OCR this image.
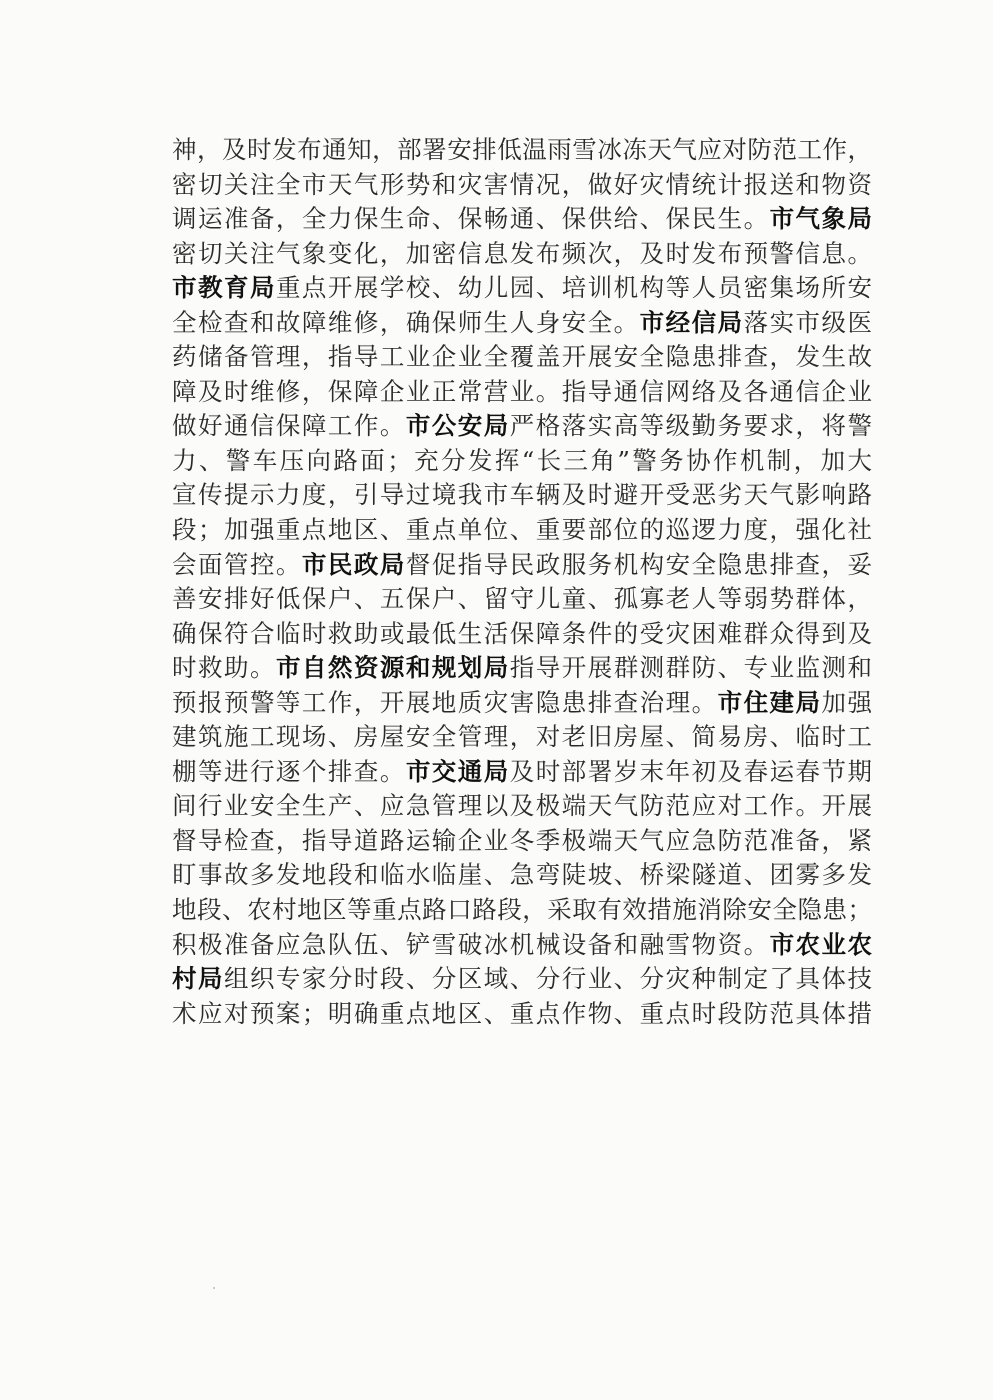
神，及时发布通知，部署安排低温雨雪冰冻天气应对防范工作，
密切关注全市天气形势和灾害情况，做好灾情统计报送和物资
调运准备，全力保生命、保畅通、保供给、保民生。市气象局
密切关注气象变化，加密信息发布频次，及时发布预警信息。
市教育局重点开展学校、幼儿园、培训机构等人员密集场所安
全检查和故障维修，确保师生人身安全。市经信局落实市级医
药储备管理，指导工业企业全覆盖开展安全隐患排查，发生故
障及时维修，保障企业正常营业。指导通信网络及各通信企业
做好通信保障工作。市公安局严格落实高等级勤务要求，将警
力、警车压向路面；充分发挥“长三角”警务协作机制，加大
宣传提示力度，引导过境我市车辆及时避开受恶劣天气影响路
段；加强重点地区、重点单位、重要部位的巡逻力度，强化社
会面管控。市民政局督促指导民政服务机构安全隐患排查，妥
善安排好低保户、五保户、留守儿童、孤寡老人等弱势群体，
确保符合临时救助或最低生活保障条件的受灾困难群众得到及
时救助。市自然资源和规划局指导开展群测群防、专业监测和
预报预警等工作，开展地质灾害隐患排查治理。市住建局加强
建筑施工现场、房屋安全管理，对老旧房屋、简易房、临时工
棚等进行逐个排查。市交通局及时部署岁末年初及春运春节期
间行业安全生产、应急管理以及极端天气防范应对工作。开展
督导检查，指导道路运输企业冬季极端天气应急防范准备，紧
盯事故多发地段和临水临崖、急弯陡坡、桥梁隧道、团雾多发
地段、农村地区等重点路口路段，采取有效措施消除安全隐患；
积极准备应急队伍、铲雪破冰机械设备和融雪物资。市农业农
村局组织专家分时段、分区域、分行业、分灾种制定了具体技
术应对预案；明确重点地区、重点作物、重点时段防范具体措
